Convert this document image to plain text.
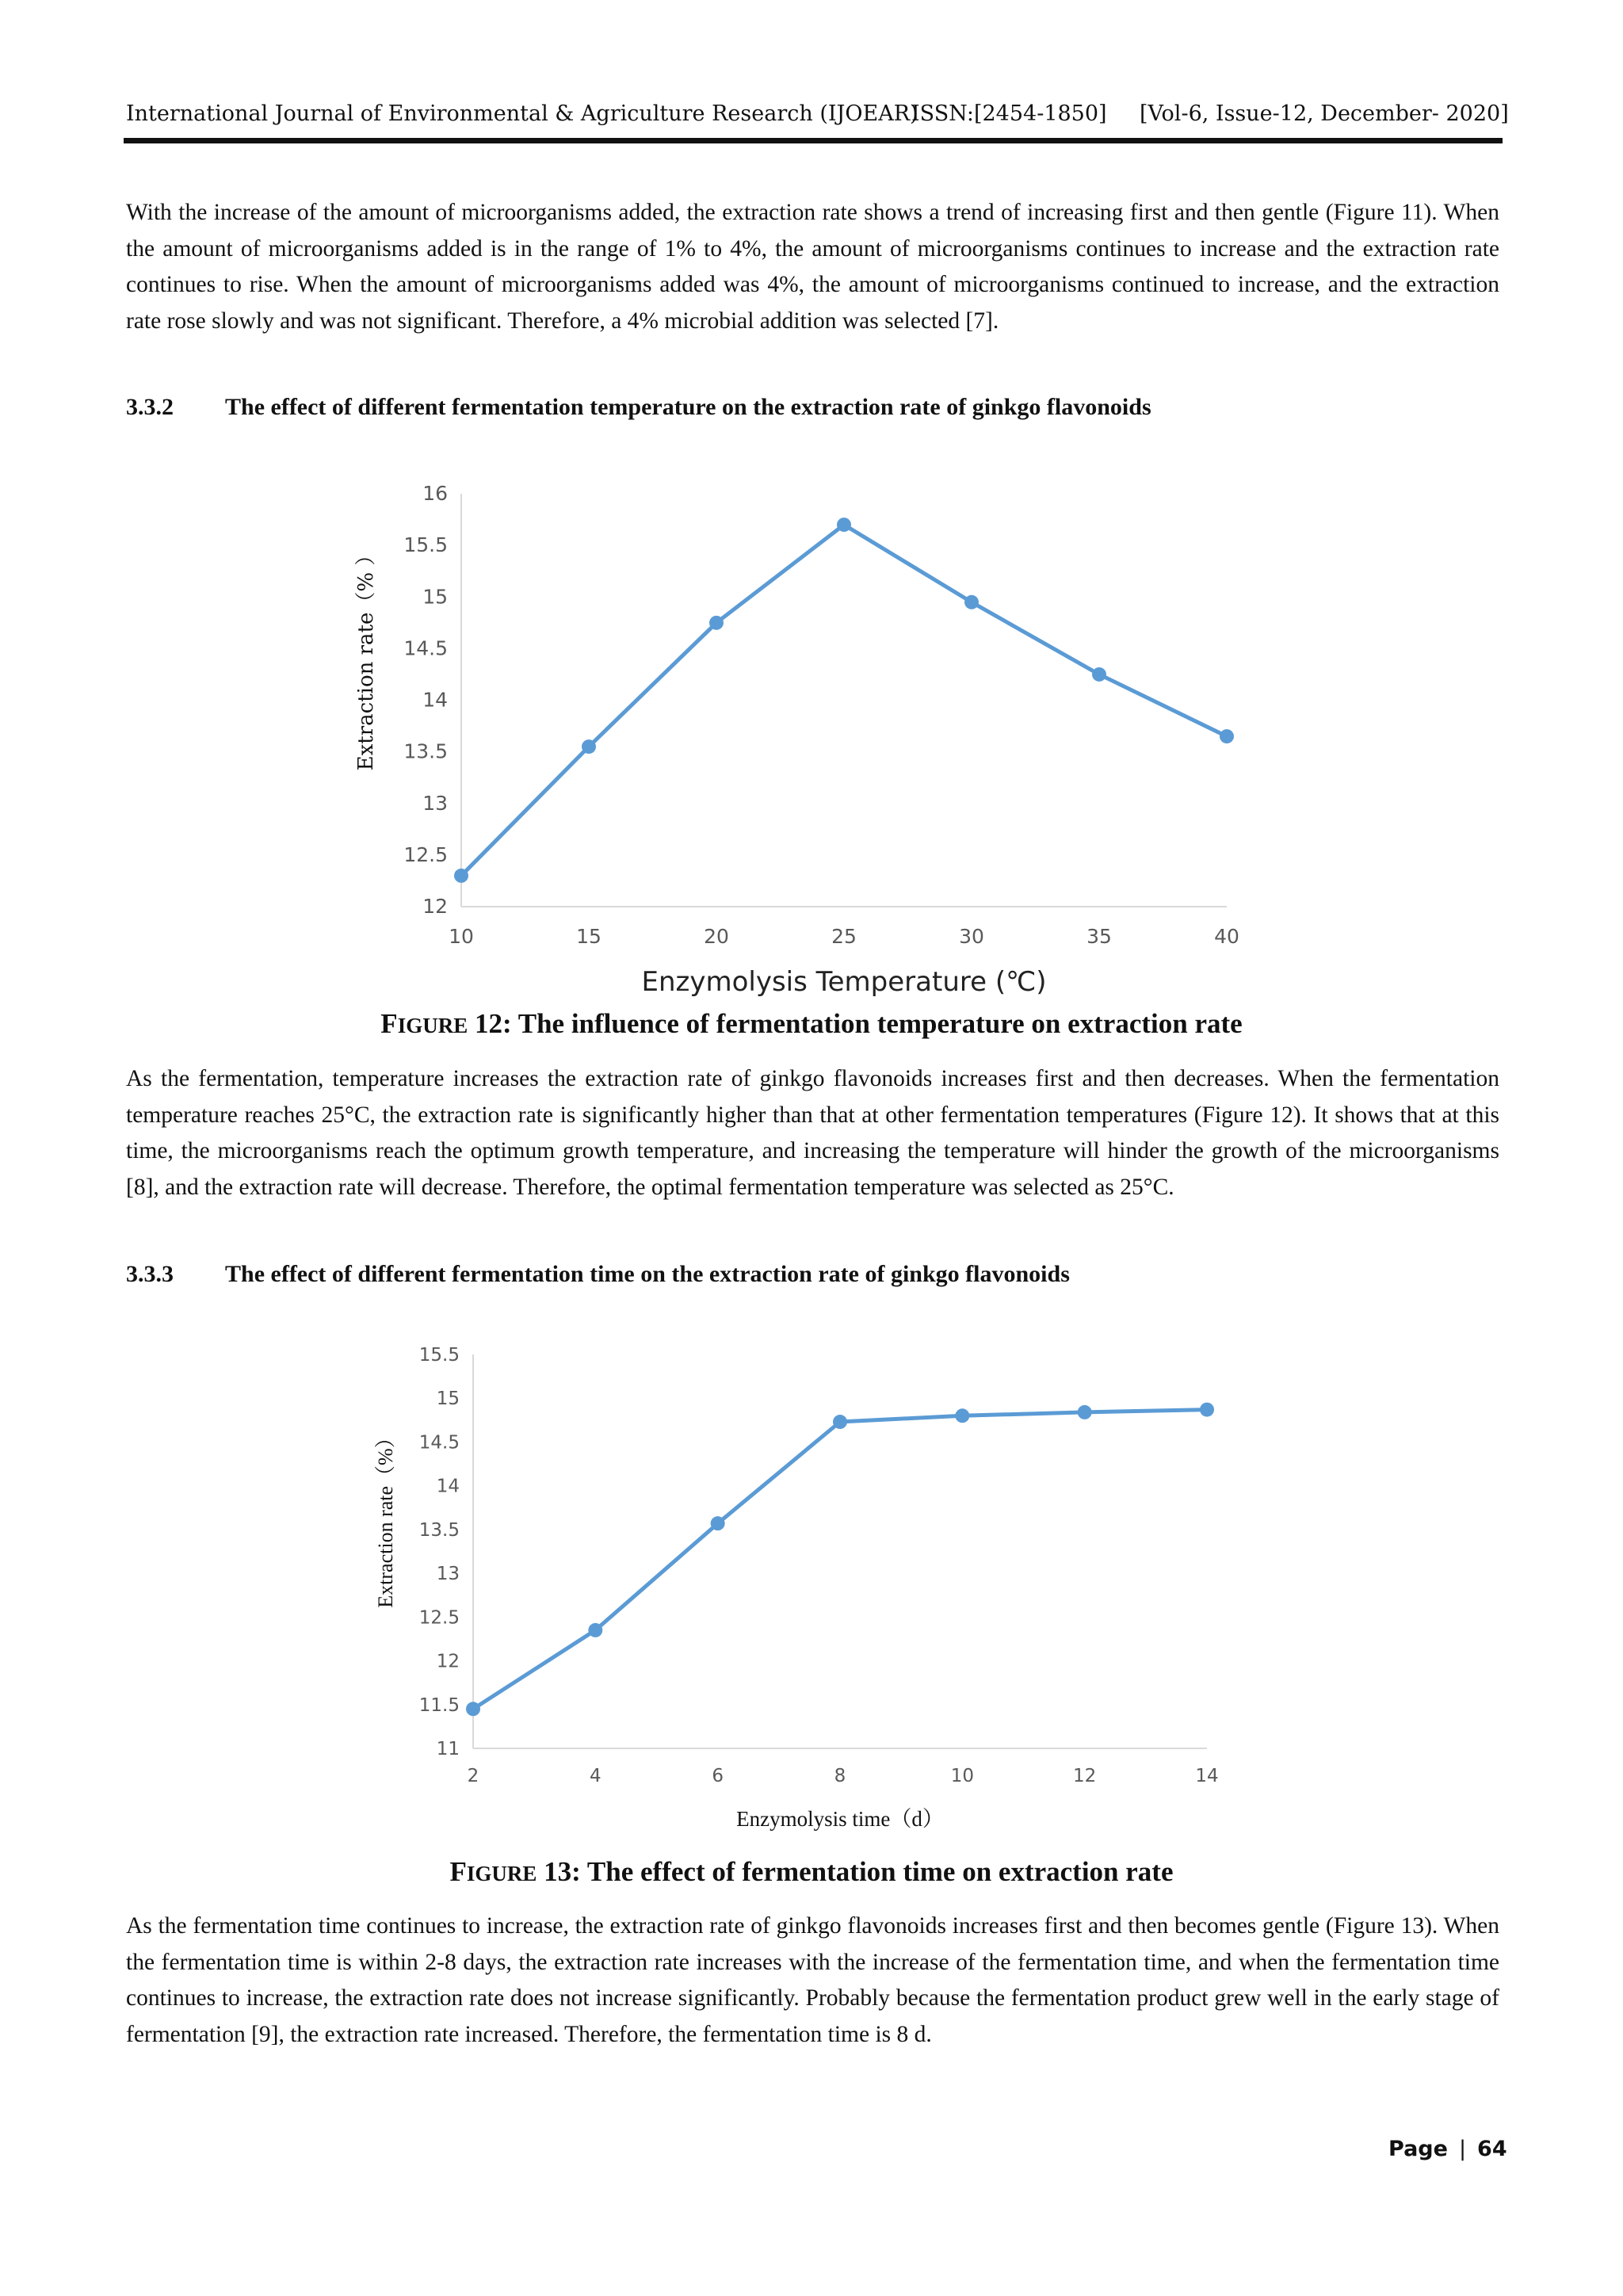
International Journal of Environmental & Agriculture Research (IJOEAR)
ISSN:[2454-1850] [Vol-6, Issue-12, December- 2020]

With the increase of the amount of microorganisms added, the extraction rate shows a trend of increasing first and then gentle (Figure 11). When the amount of microorganisms added is in the range of 1% to 4%, the amount of microorganisms continues to increase and the extraction rate continues to rise. When the amount of microorganisms added was 4%, the amount of microorganisms continued to increase, and the extraction rate rose slowly and was not significant. Therefore, a 4% microbial addition was selected [7].

3.3.2 The effect of different fermentation temperature on the extraction rate of ginkgo flavonoids
12
12.5
13
13.5
14
14.5
15
15.5
16
10	15	20	25	30	35	40
Extraction rate（% ）
Enzymolysis Temperature (℃)
FIGURE 12: The influence of fermentation temperature on extraction rate

As the fermentation, temperature increases the extraction rate of ginkgo flavonoids increases first and then decreases. When the fermentation temperature reaches 25°C, the extraction rate is significantly higher than that at other fermentation temperatures (Figure 12). It shows that at this time, the microorganisms reach the optimum growth temperature, and increasing the temperature will hinder the growth of the microorganisms [8], and the extraction rate will decrease. Therefore, the optimal fermentation temperature was selected as 25°C.

3.3.3 The effect of different fermentation time on the extraction rate of ginkgo flavonoids
11
11.5
12
12.5
13
13.5
14
14.5
15
15.5
2	4	6	8	10	12	14
Extraction rate（%）
Enzymolysis time（d）
FIGURE 13: The effect of fermentation time on extraction rate

As the fermentation time continues to increase, the extraction rate of ginkgo flavonoids increases first and then becomes gentle (Figure 13). When the fermentation time is within 2-8 days, the extraction rate increases with the increase of the fermentation time, and when the fermentation time continues to increase, the extraction rate does not increase significantly. Probably because the fermentation product grew well in the early stage of fermentation [9], the extraction rate increased. Therefore, the fermentation time is 8 d.

Page | 64
